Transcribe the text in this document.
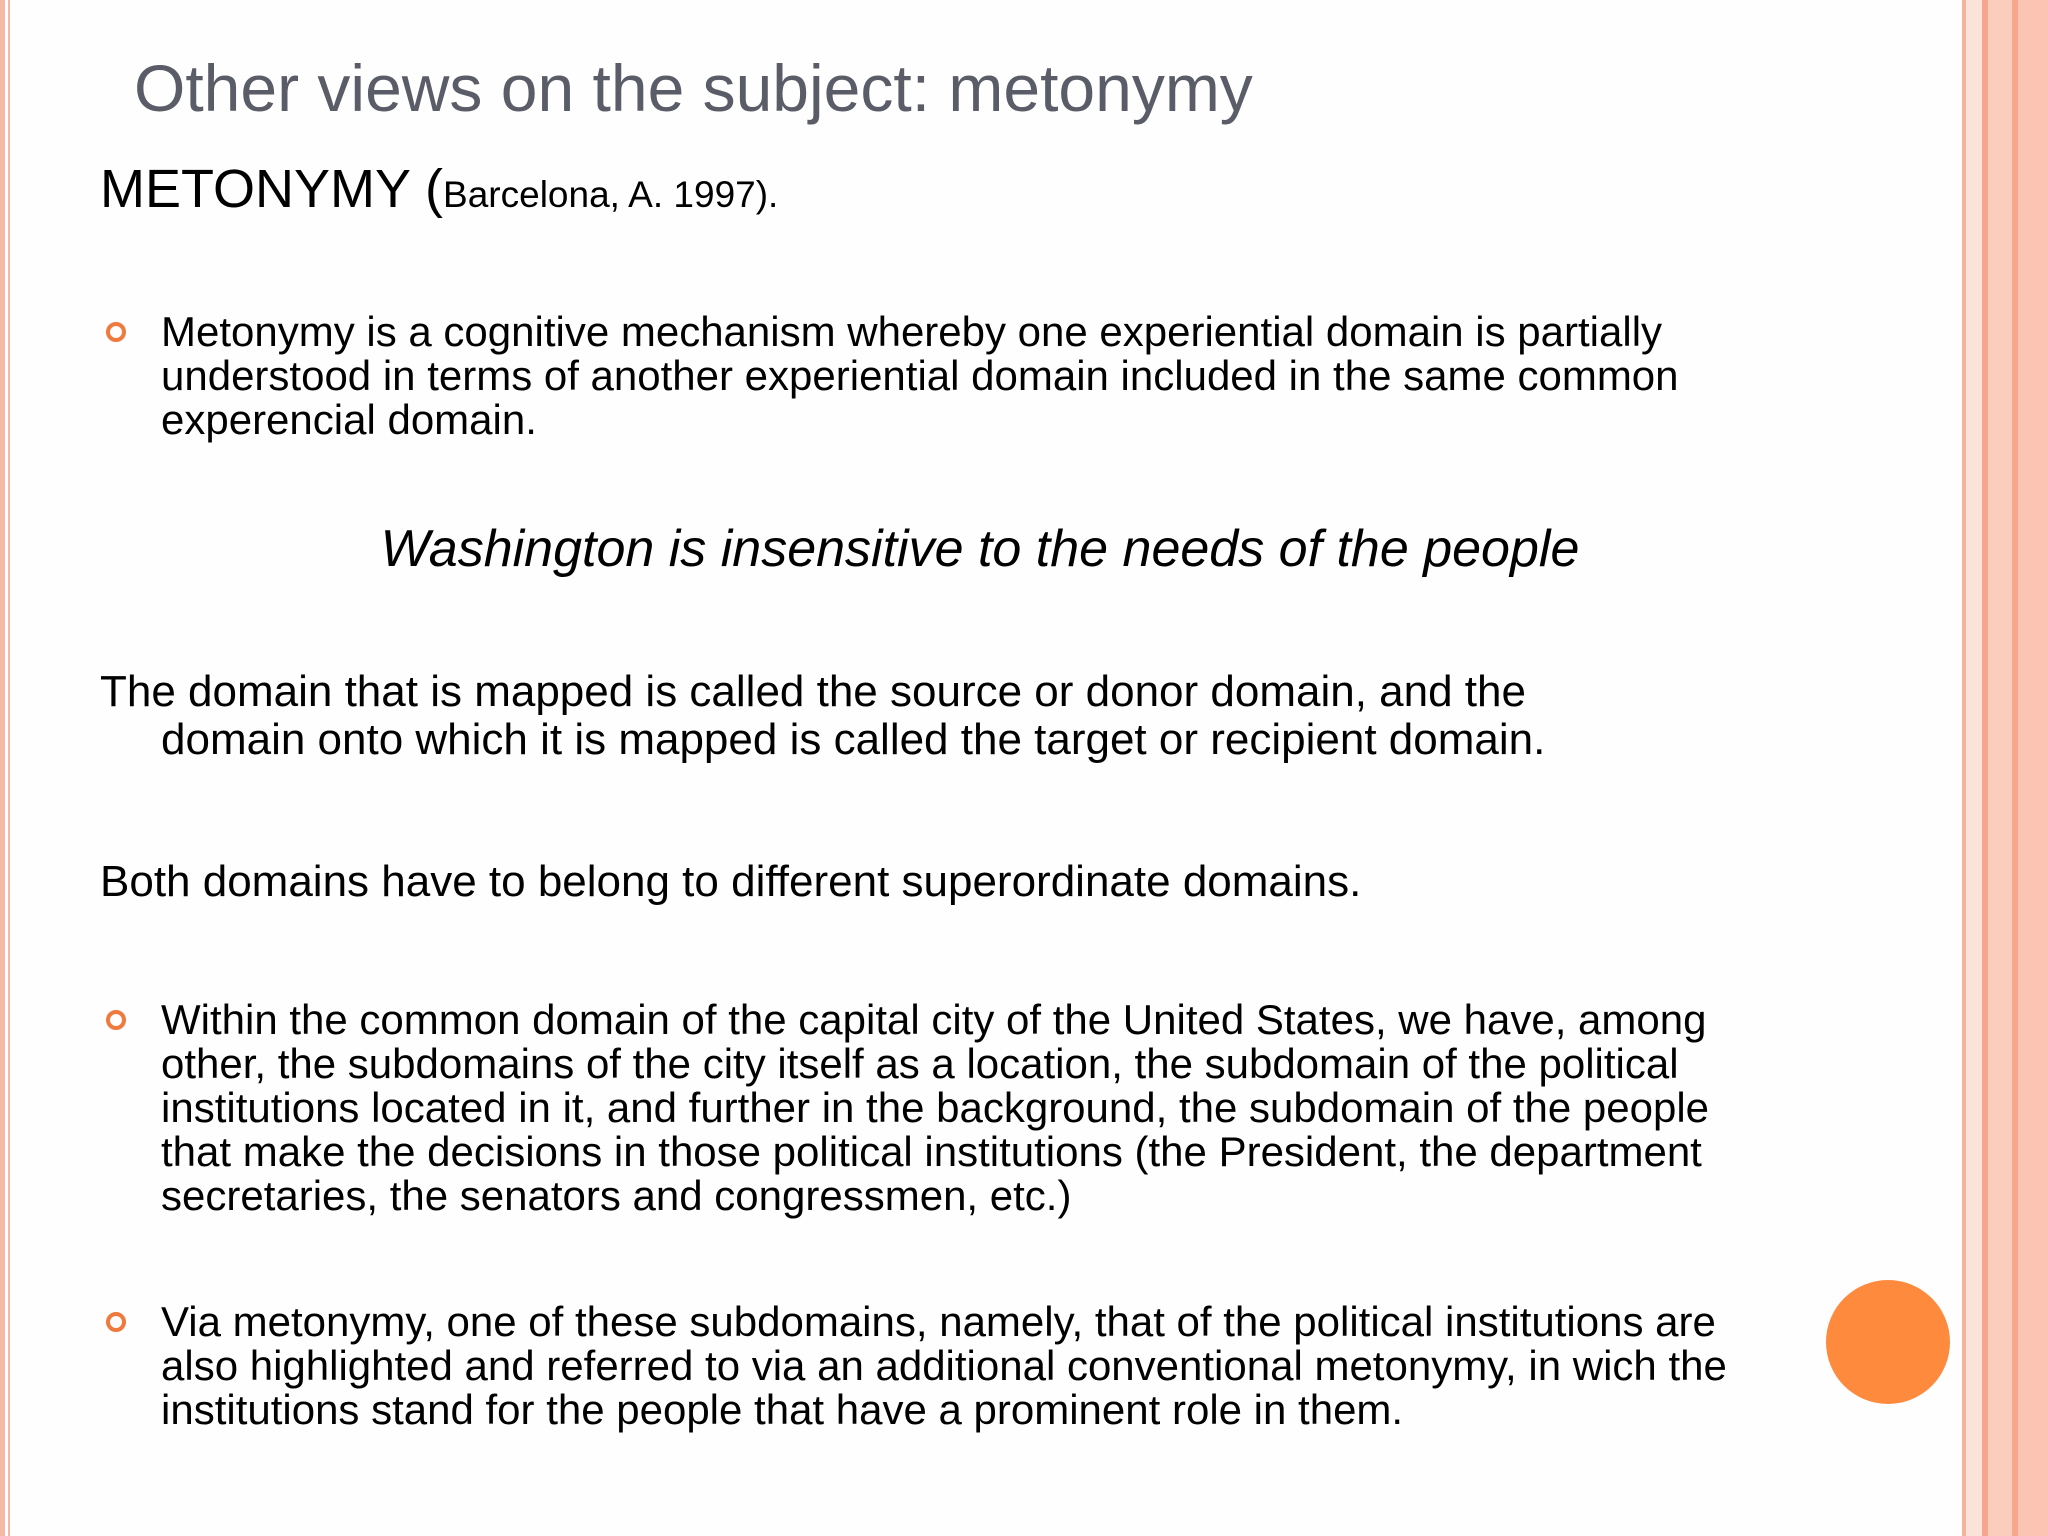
Other views on the subject: metonymy
METONYMY (Barcelona, A. 1997).
Metonymy is a cognitive mechanism whereby one experiential domain is partially
understood in terms of another experiential domain included in the same common
experencial domain.
Washington is insensitive to the needs of the people
The domain that is mapped is called the source or donor domain, and the
domain onto which it is mapped is called the target or recipient domain.
Both domains have to belong to different superordinate domains.
Within the common domain of the capital city of the United States, we have, among
other, the subdomains of the city itself as a location, the subdomain of the political
institutions located in it, and further in the background, the subdomain of the people
that make the decisions in those political institutions (the President, the department
secretaries, the senators and congressmen, etc.)
Via metonymy, one of these subdomains, namely, that of the political institutions are
also highlighted and referred to via an additional conventional metonymy, in wich the
institutions stand for the people that have a prominent role in them.
